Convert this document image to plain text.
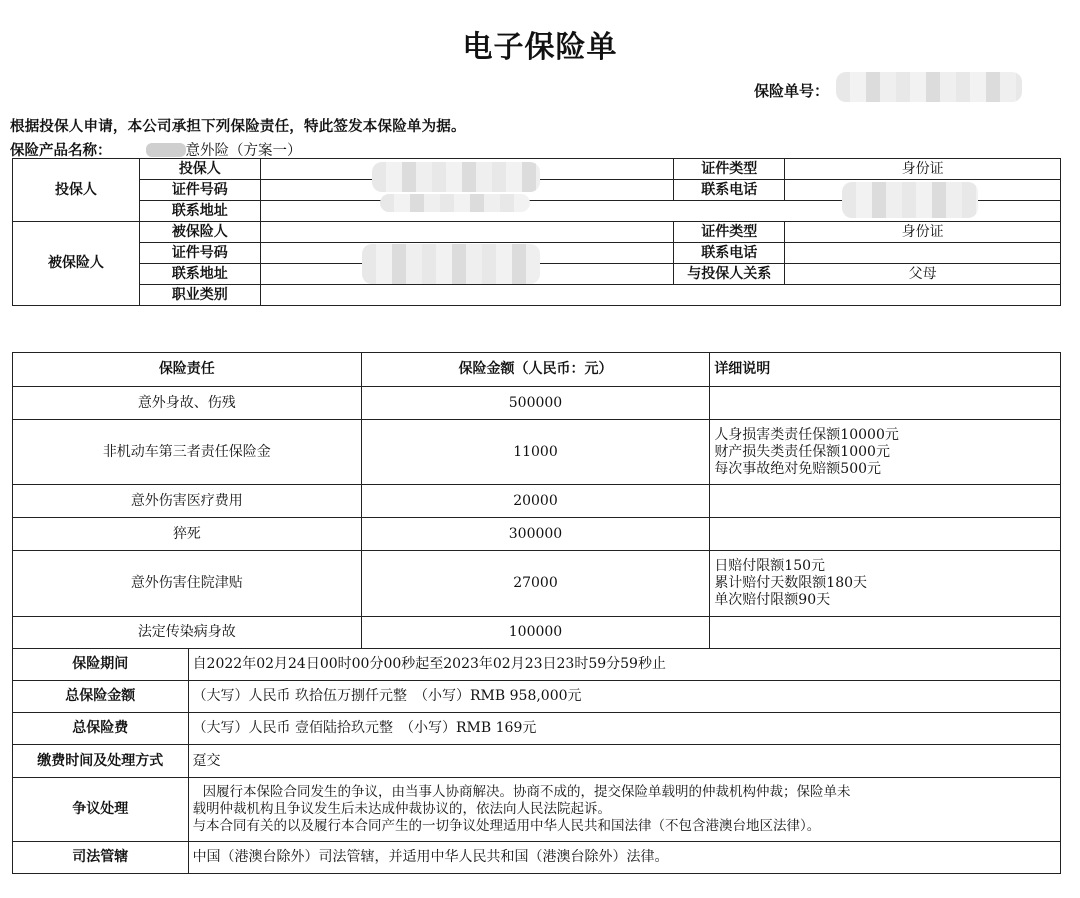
电子保险单
保险单号：
根据投保人申请，本公司承担下列保险责任，特此签发本保险单为据。
保险产品名称：	意外险（方案一）
投保人	投保人		证件类型	身份证
	证件号码		联系电话	
	联系地址			
被保险人	被保险人		证件类型	身份证
	证件号码		联系电话	
	联系地址		与投保人关系	父母
	职业类别			
保险责任	保险金额（人民币：元）	详细说明
意外身故、伤残	500000	
非机动车第三者责任保险金	11000	人身损害类责任保额10000元
财产损失类责任保额1000元
每次事故绝对免赔额500元

意外伤害医疗费用	20000	
猝死	300000	
意外伤害住院津贴	27000	日赔付限额150元
累计赔付天数限额180天
单次赔付限额90天

法定传染病身故	100000	
保险期间	自2022年02月24日00时00分00秒起至2023年02月23日23时59分59秒止
总保险金额	（大写）人民币 玖拾伍万捌仟元整　（小写）RMB 958,000元
总保险费	（大写）人民币 壹佰陆拾玖元整　（小写）RMB 169元
缴费时间及处理方式	趸交
争议处理	因履行本保险合同发生的争议，由当事人协商解决。协商不成的，提交保险单载明的仲裁机构仲裁；保险单未
载明仲裁机构且争议发生后未达成仲裁协议的，依法向人民法院起诉。
与本合同有关的以及履行本合同产生的一切争议处理适用中华人民共和国法律（不包含港澳台地区法律）。

司法管辖	中国（港澳台除外）司法管辖，并适用中华人民共和国（港澳台除外）法律。
